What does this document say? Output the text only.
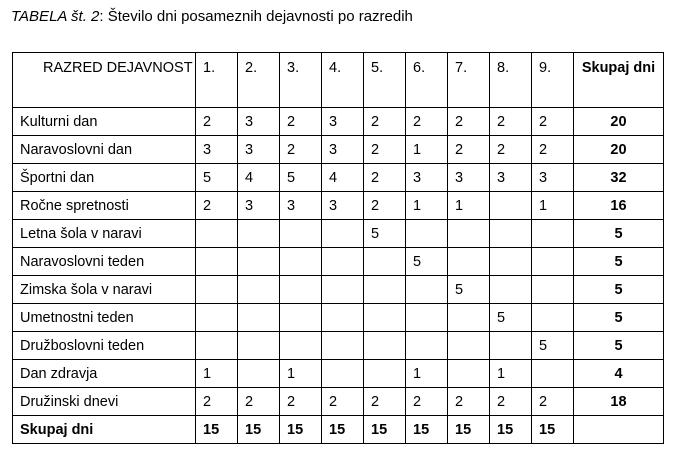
TABELA št. 2: Število dni posameznih dejavnosti po razredih
RAZRED DEJAVNOST	1.	2.	3.	4.	5.	6.	7.	8.	9.	Skupaj dni
Kulturni dan	2	3	2	3	2	2	2	2	2	20
Naravoslovni dan	3	3	2	3	2	1	2	2	2	20
Športni dan	5	4	5	4	2	3	3	3	3	32
Ročne spretnosti	2	3	3	3	2	1	1		1	16
Letna šola v naravi					5					5
Naravoslovni teden						5				5
Zimska šola v naravi							5			5
Umetnostni teden								5		5
Družboslovni teden									5	5
Dan zdravja	1		1			1		1		4
Družinski dnevi	2	2	2	2	2	2	2	2	2	18
Skupaj dni	15	15	15	15	15	15	15	15	15	
